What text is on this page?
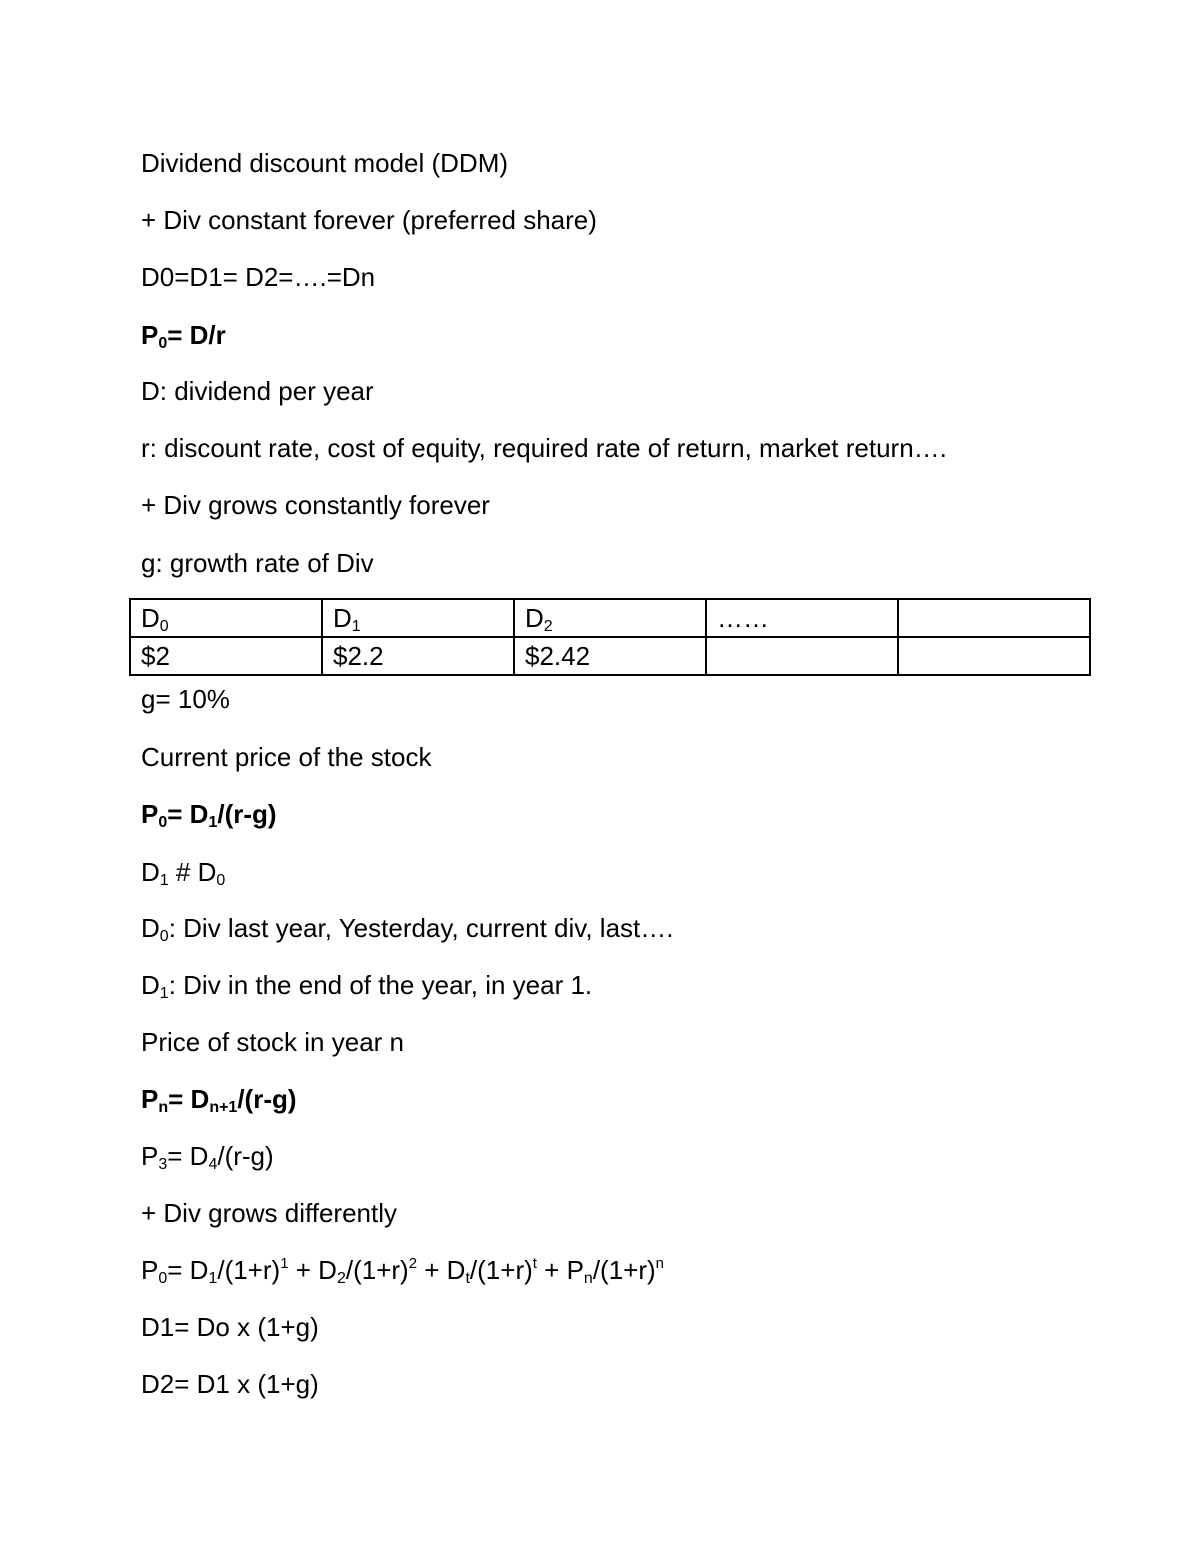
Dividend discount model (DDM)
+ Div constant forever (preferred share)
D0=D1= D2=….=Dn
$P_0= D/r$
D: dividend per year
r: discount rate, cost of equity, required rate of return, market return….
+ Div grows constantly forever
g: growth rate of Div
$D_0$	$D_1$	$D_2$	……	
$2	$2.2	$2.42		
g= 10%
Current price of the stock
$P_0= D_1/(r-g)$
$D_1$ # $D_0$
$D_0$: Div last year, Yesterday, current div, last….
$D_1$: Div in the end of the year, in year 1.
Price of stock in year n
$P_n= D_{n+1}/(r-g)$
$P_3= D_4/(r-g)$
+ Div grows differently
$P_0= D_1/(1+r)^1 + D_2/(1+r)^2 + D_t/(1+r)^t + P_n/(1+r)^n$
D1= Do x (1+g)
D2= D1 x (1+g)
